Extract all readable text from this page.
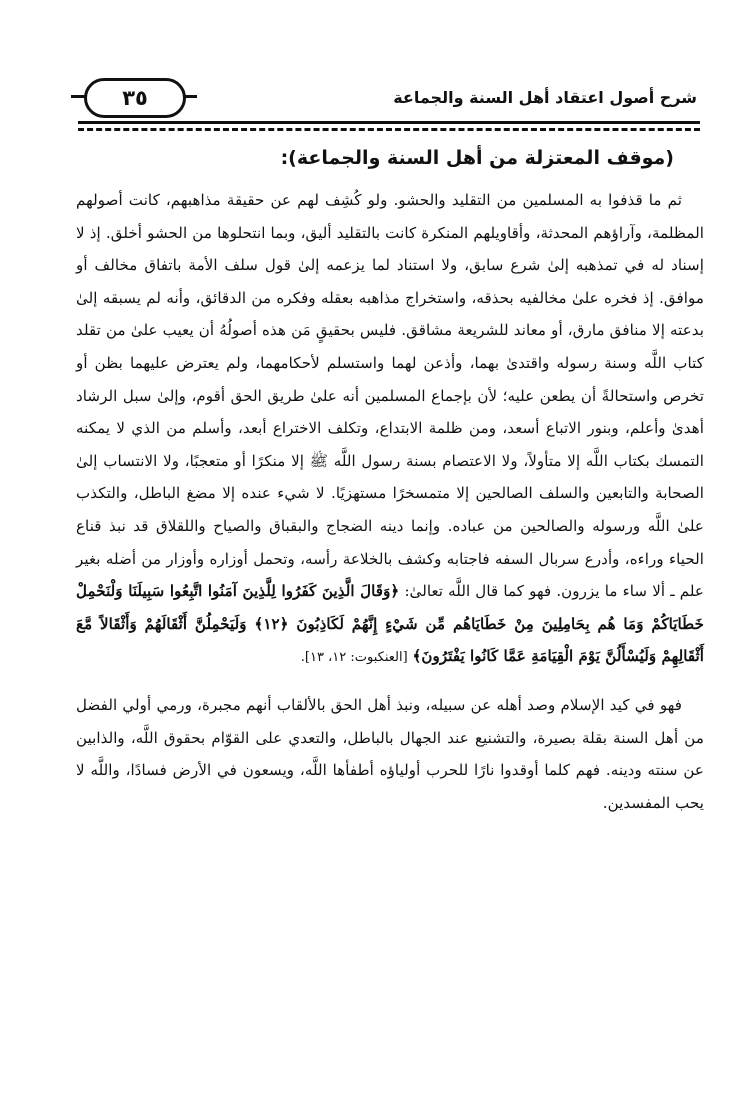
شرح أصول اعتقاد أهل السنة والجماعة
٣٥
(موقف المعتزلة من أهل السنة والجماعة):

ثم ما قذفوا به المسلمين من التقليد والحشو. ولو كُشِف لهم عن حقيقة مذاهبهم، كانت أصولهم المظلمة، وآراؤهم المحدثة، وأقاويلهم المنكرة كانت بالتقليد أليق، وبما انتحلوها من الحشو أخلق. إذ لا إسناد له في تمذهبه إلىٰ شرع سابق، ولا استناد لما يزعمه إلىٰ قول سلف الأمة باتفاق مخالف أو موافق. إذ فخره علىٰ مخالفيه بحذقه، واستخراج مذاهبه بعقله وفكره من الدقائق، وأنه لم يسبقه إلىٰ بدعته إلا منافق مارق، أو معاند للشريعة مشاقق. فليس بحقيقٍ مَن هذه أصولُهُ أن يعيب علىٰ من تقلد كتاب اللَّه وسنة رسوله واقتدىٰ بهما، وأذعن لهما واستسلم لأحكامهما، ولم يعترض عليهما بظن أو تخرص واستحالةً أن يطعن عليه؛ لأن بإجماع المسلمين أنه علىٰ طريق الحق أقوم، وإلىٰ سبل الرشاد أهدىٰ وأعلم، وبنور الاتباع أسعد، ومن ظلمة الابتداع، وتكلف الاختراع أبعد، وأسلم من الذي لا يمكنه التمسك بكتاب اللَّه إلا متأولاً، ولا الاعتصام بسنة رسول اللَّه ﷺ إلا منكرًا أو متعجبًا، ولا الانتساب إلىٰ الصحابة والتابعين والسلف الصالحين إلا متمسخرًا مستهزيًا. لا شيء عنده إلا مضغ الباطل، والتكذب علىٰ اللَّه ورسوله والصالحين من عباده. وإنما دينه الضجاج والبقباق والصياح واللقلاق قد نبذ قناع الحياء وراءه، وأدرع سربال السفه فاجتابه وكشف بالخلاعة رأسه، وتحمل أوزاره وأوزار من أضله بغير علم ـ ألا ساء ما يزرون. فهو كما قال اللَّه تعالىٰ: ﴿وَقَالَ الَّذِينَ كَفَرُوا لِلَّذِينَ آمَنُوا اتَّبِعُوا سَبِيلَنَا وَلْنَحْمِلْ خَطَايَاكُمْ وَمَا هُم بِحَامِلِينَ مِنْ خَطَايَاهُم مِّن شَيْءٍ إِنَّهُمْ لَكَاذِبُونَ ﴿١٢﴾ وَلَيَحْمِلُنَّ أَثْقَالَهُمْ وَأَثْقَالاً مَّعَ أَثْقَالِهِمْ وَلَيُسْأَلُنَّ يَوْمَ الْقِيَامَةِ عَمَّا كَانُوا يَفْتَرُونَ﴾ [العنكبوت: ١٢، ١٣].

فهو في كيد الإسلام وصد أهله عن سبيله، ونبذ أهل الحق بالألقاب أنهم مجبرة، ورمي أولي الفضل من أهل السنة بقلة بصيرة، والتشنيع عند الجهال بالباطل، والتعدي على القوّام بحقوق اللَّه، والذابين عن سنته ودينه. فهم كلما أوقدوا نارًا للحرب أولياؤه أطفأها اللَّه، ويسعون في الأرض فسادًا، واللَّه لا يحب المفسدين.
